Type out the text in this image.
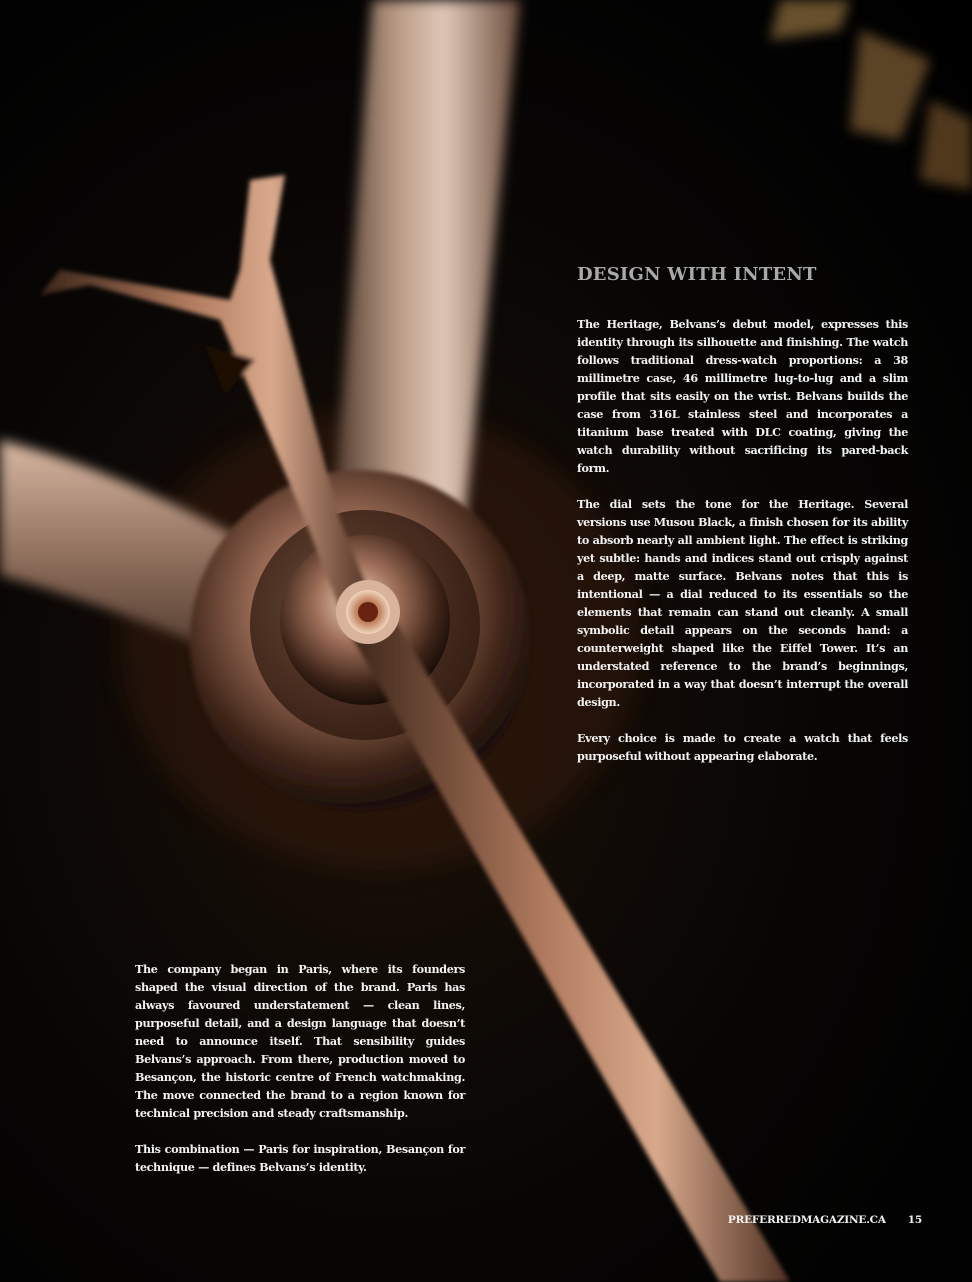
DESIGN WITH INTENT

The Heritage, Belvans’s debut model, expresses this identity through its silhouette and finishing. The watch follows traditional dress-watch proportions: a 38 millimetre case, 46 millimetre lug-to-lug and a slim profile that sits easily on the wrist. Belvans builds the case from 316L stainless steel and incorporates a titanium base treated with DLC coating, giving the watch durability without sacrificing its pared-back form.

The dial sets the tone for the Heritage. Several versions use Musou Black, a finish chosen for its ability to absorb nearly all ambient light. The effect is striking yet subtle: hands and indices stand out crisply against a deep, matte surface. Belvans notes that this is intentional — a dial reduced to its essentials so the elements that remain can stand out cleanly. A small symbolic detail appears on the seconds hand: a counterweight shaped like the Eiffel Tower. It’s an understated reference to the brand’s beginnings, incorporated in a way that doesn’t interrupt the overall design.

Every choice is made to create a watch that feels purposeful without appearing elaborate.

The company began in Paris, where its founders shaped the visual direction of the brand. Paris has always favoured understatement — clean lines, purposeful detail, and a design language that doesn’t need to announce itself. That sensibility guides Belvans’s approach. From there, production moved to Besançon, the historic centre of French watchmaking. The move connected the brand to a region known for technical precision and steady craftsmanship.

This combination — Paris for inspiration, Besançon for technique — defines Belvans’s identity.

PREFERREDMAGAZINE.CA 15
